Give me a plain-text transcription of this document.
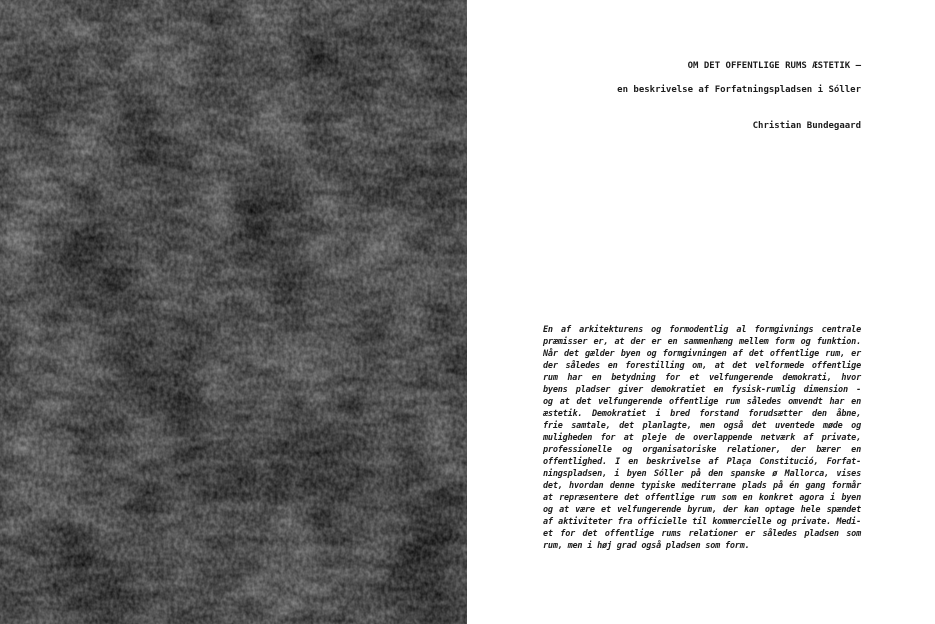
OM DET OFFENTLIGE RUMS ÆSTETIK —
en beskrivelse af Forfatningspladsen i Sóller
Christian Bundegaard
En af arkitekturens og formodentlig al formgivnings centrale
præmisser er, at der er en sammenhæng mellem form og funktion.
Når det gælder byen og formgivningen af det offentlige rum, er
der således en forestilling om, at det velformede offentlige
rum har en betydning for et velfungerende demokrati, hvor
byens pladser giver demokratiet en fysisk-rumlig dimension -
og at det velfungerende offentlige rum således omvendt har en
æstetik. Demokratiet i bred forstand forudsætter den åbne,
frie samtale, det planlagte, men også det uventede møde og
muligheden for at pleje de overlappende netværk af private,
professionelle og organisatoriske relationer, der bærer en
offentlighed. I en beskrivelse af Plaça Constitució, Forfat-
ningspladsen, i byen Sóller på den spanske ø Mallorca, vises
det, hvordan denne typiske mediterrane plads på én gang formår
at repræsentere det offentlige rum som en konkret agora i byen
og at være et velfungerende byrum, der kan optage hele spændet
af aktiviteter fra officielle til kommercielle og private. Medi-
et for det offentlige rums relationer er således pladsen som
rum, men i høj grad også pladsen som form.
